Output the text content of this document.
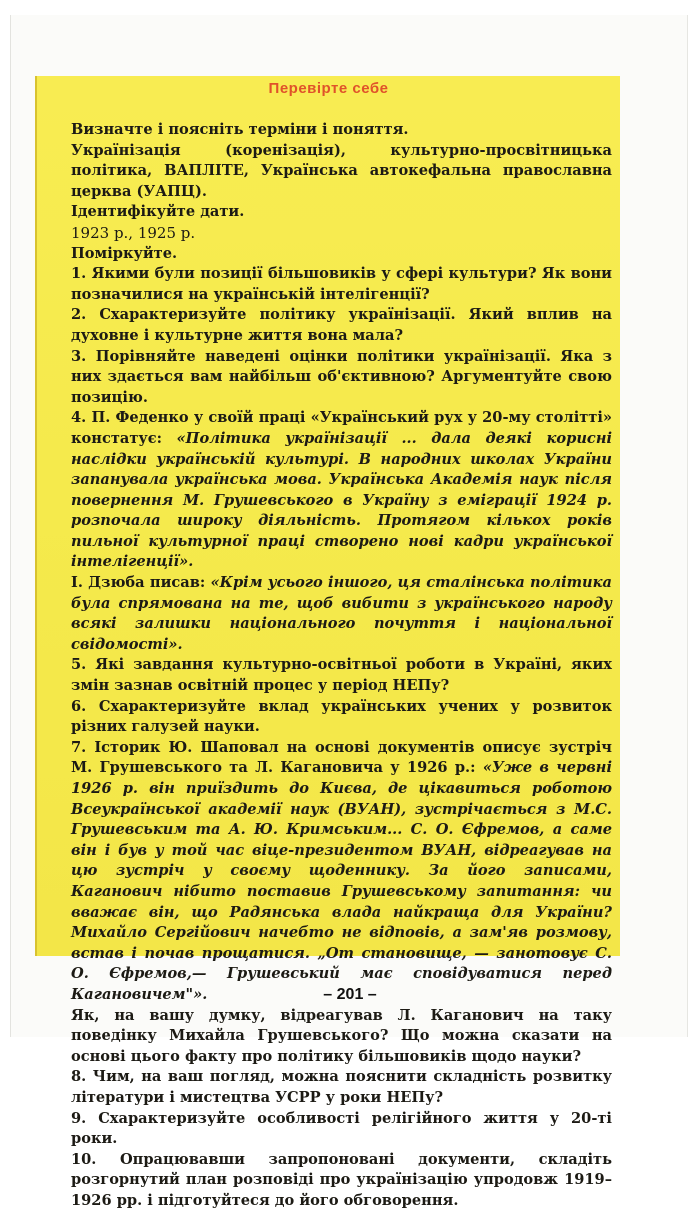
Перевірте себе

Визначте і поясніть терміни і поняття.

Українізація (коренізація), культурно-просвітницька політика, ВАПЛІТЕ, Українська автокефальна православна церква (УАПЦ).

Ідентифікуйте дати.

1923 р., 1925 р.

Поміркуйте.

1. Якими були позиції більшовиків у сфері культури? Як вони позначилися на українській інтелігенції?

2. Схарактеризуйте політику українізації. Який вплив на духовне і культурне життя вона мала?

3. Порівняйте наведені оцінки політики українізації. Яка з них здається вам найбільш об'єктивною? Аргументуйте свою позицію.

4. П. Феденко у своїй праці «Український рух у 20-му столітті» констатує: «Політика українізації ... дала деякі корисні наслідки українській культурі. В народних школах України запанувала українська мова. Українська Академія наук після повернення М. Грушевського в Україну з еміграції 1924 р. розпочала широку діяльність. Протягом кількох років пильної культурної праці створено нові кадри української інтелігенції».

І. Дзюба писав: «Крім усього іншого, ця сталінська політика була спрямована на те, щоб вибити з українського народу всякі залишки національного почуття і національної свідомості».

5. Які завдання культурно-освітньої роботи в Україні, яких змін зазнав освітній процес у період НЕПу?

6. Схарактеризуйте вклад українських учених у розвиток різних галузей науки.

7. Історик Ю. Шаповал на основі документів описує зустріч М. Грушевського та Л. Кагановича у 1926 р.: «Уже в червні 1926 р. він приїздить до Києва, де цікавиться роботою Всеукраїнської академії наук (ВУАН), зустрічається з М.С. Грушевським та А. Ю. Кримським... С. О. Єфремов, а саме він і був у той час віце-президентом ВУАН, відреагував на цю зустріч у своєму щоденнику. За його записами, Каганович нібито поставив Грушевському запитання: чи вважає він, що Радянська влада найкраща для України? Михайло Сергійович начебто не відповів, а зам'яв розмову, встав і почав прощатися. „От становище, — занотовує С. О. Єфремов,— Грушевський має сповідуватися перед Кагановичем"».

Як, на вашу думку, відреагував Л. Каганович на таку поведінку Михайла Грушевського? Що можна сказати на основі цього факту про політику більшовиків щодо науки?

8. Чим, на ваш погляд, можна пояснити складність розвитку літератури і мистецтва УСРР у роки НЕПу?

9. Схарактеризуйте особливості релігійного життя у 20-ті роки.

10. Опрацювавши запропоновані документи, складіть розгорнутий план розповіді про українізацію упродовж 1919–1926 рр. і підготуйтеся до його обговорення.

– 201 –
